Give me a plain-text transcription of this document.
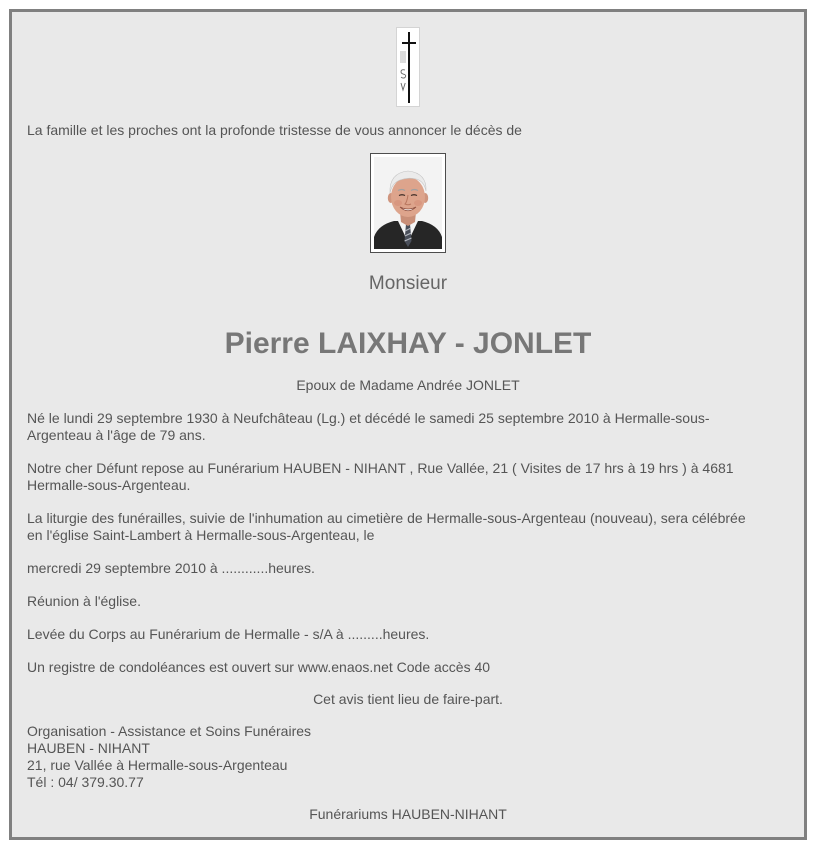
La famille et les proches ont la profonde tristesse de vous annoncer le décès de
Monsieur
Pierre LAIXHAY - JONLET
Epoux de Madame Andrée JONLET

Né le lundi 29 septembre 1930 à Neufchâteau (Lg.) et décédé le samedi 25 septembre 2010 à Hermalle-sous-
Argenteau à l'âge de 79 ans.

Notre cher Défunt repose au Funérarium HAUBEN - NIHANT , Rue Vallée, 21 ( Visites de 17 hrs à 19 hrs ) à 4681
Hermalle-sous-Argenteau.

La liturgie des funérailles, suivie de l'inhumation au cimetière de Hermalle-sous-Argenteau (nouveau), sera célébrée
en l'église Saint-Lambert à Hermalle-sous-Argenteau, le

mercredi 29 septembre 2010 à ............heures.

Réunion à l'église.

Levée du Corps au Funérarium de Hermalle - s/A à .........heures.

Un registre de condoléances est ouvert sur www.enaos.net Code accès 40

Cet avis tient lieu de faire-part.
Organisation - Assistance et Soins Funéraires
HAUBEN - NIHANT
21, rue Vallée à Hermalle-sous-Argenteau
Tél : 04/ 379.30.77
Funérariums HAUBEN-NIHANT
